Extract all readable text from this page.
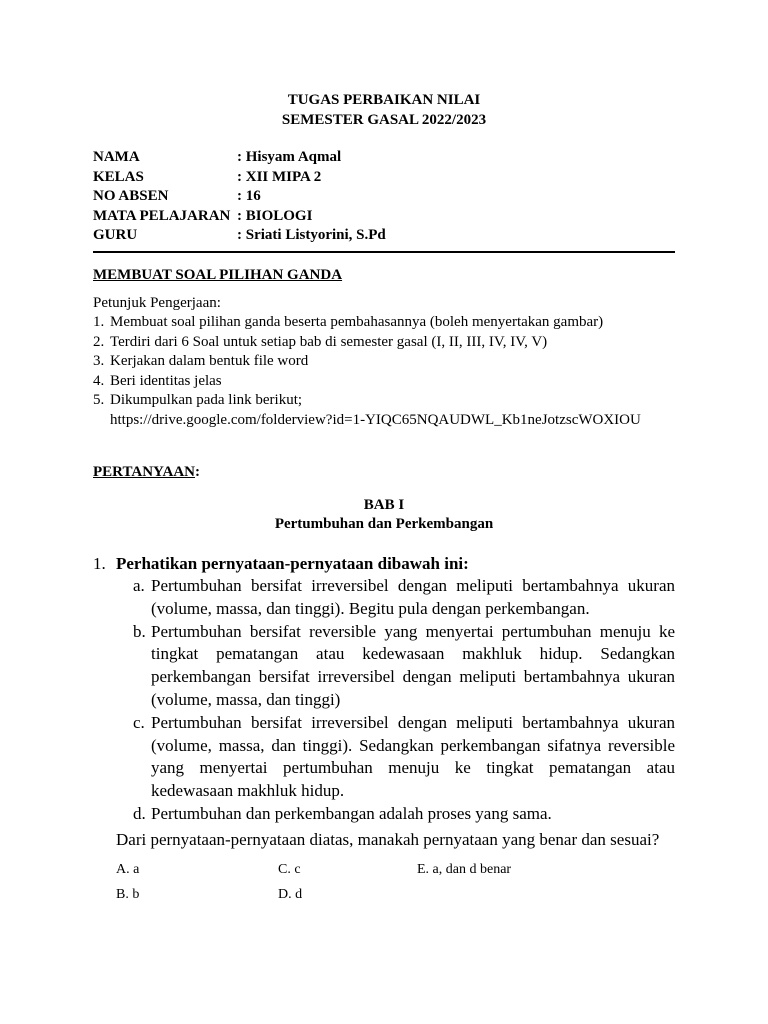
TUGAS PERBAIKAN NILAI
SEMESTER GASAL 2022/2023
NAMA	: Hisyam Aqmal
KELAS	: XII MIPA 2
NO ABSEN	: 16
MATA PELAJARAN : BIOLOGI
GURU	: Sriati Listyorini, S.Pd
MEMBUAT SOAL PILIHAN GANDA
Petunjuk Pengerjaan:
1. Membuat soal pilihan ganda beserta pembahasannya (boleh menyertakan gambar)
2. Terdiri dari 6 Soal untuk setiap bab di semester gasal (I, II, III, IV, IV, V)
3. Kerjakan dalam bentuk file word
4. Beri identitas jelas
5. Dikumpulkan pada link berikut;
https://drive.google.com/folderview?id=1-YIQC65NQAUDWL_Kb1neJotzscWOXIOU
PERTANYAAN:
BAB I
Pertumbuhan dan Perkembangan
1. Perhatikan pernyataan-pernyataan dibawah ini:
a. Pertumbuhan bersifat irreversibel dengan meliputi bertambahnya ukuran (volume, massa, dan tinggi). Begitu pula dengan perkembangan.
b. Pertumbuhan bersifat reversible yang menyertai pertumbuhan menuju ke tingkat pematangan atau kedewasaan makhluk hidup. Sedangkan perkembangan bersifat irreversibel dengan meliputi bertambahnya ukuran (volume, massa, dan tinggi)
c. Pertumbuhan bersifat irreversibel dengan meliputi bertambahnya ukuran (volume, massa, dan tinggi). Sedangkan perkembangan sifatnya reversible yang menyertai pertumbuhan menuju ke tingkat pematangan atau kedewasaan makhluk hidup.
d. Pertumbuhan dan perkembangan adalah proses yang sama.
Dari pernyataan-pernyataan diatas, manakah pernyataan yang benar dan sesuai?
A. a	C. c	E. a, dan d benar
B. b	D. d
